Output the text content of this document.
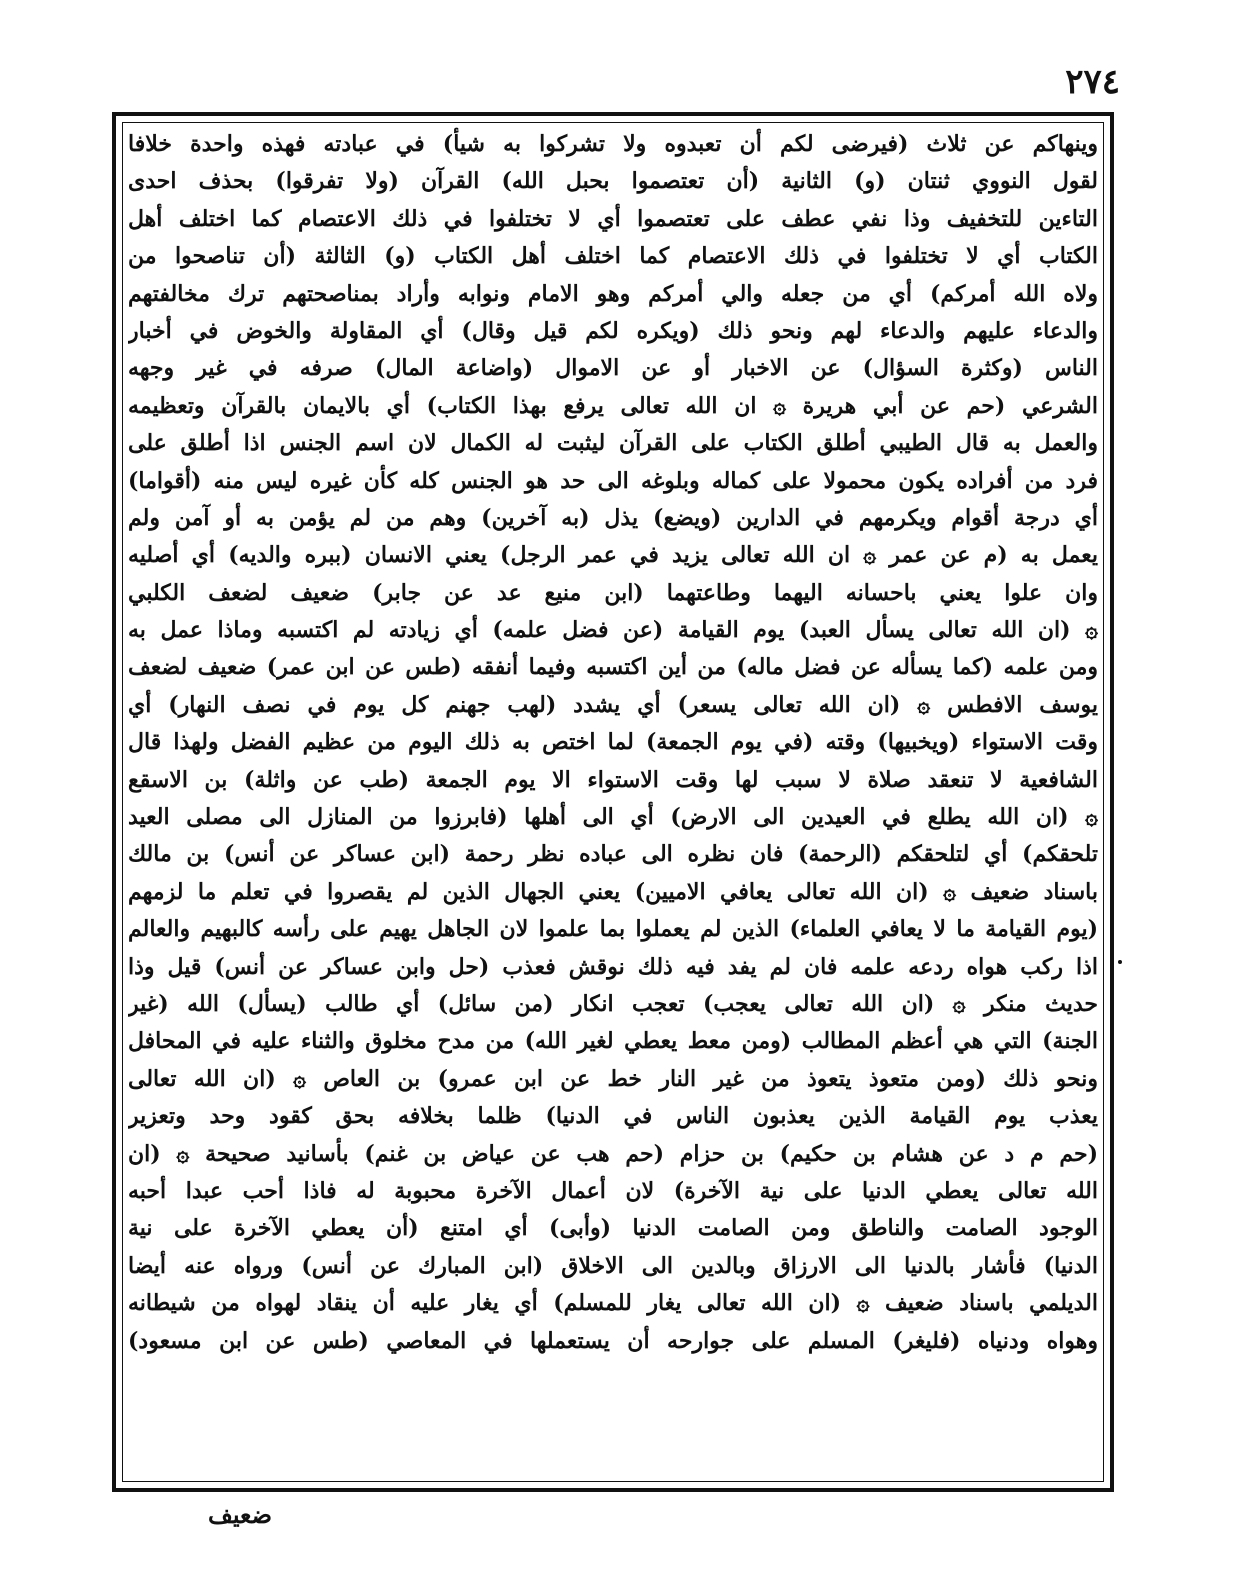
٢٧٤
وينهاكم عن ثلاث (فيرضى لكم أن تعبدوه ولا تشركوا به شيأ) في عبادته فهذه واحدة خلافا
لقول النووي ثنتان (و) الثانية (أن تعتصموا بحبل الله) القرآن (ولا تفرقوا) بحذف احدى
التاءين للتخفيف وذا نفي عطف على تعتصموا أي لا تختلفوا في ذلك الاعتصام كما اختلف أهل
الكتاب أي لا تختلفوا في ذلك الاعتصام كما اختلف أهل الكتاب (و) الثالثة (أن تناصحوا من
ولاه الله أمركم) أي من جعله والي أمركم وهو الامام ونوابه وأراد بمناصحتهم ترك مخالفتهم
والدعاء عليهم والدعاء لهم ونحو ذلك (ويكره لكم قيل وقال) أي المقاولة والخوض في أخبار
الناس (وكثرة السؤال) عن الاخبار أو عن الاموال (واضاعة المال) صرفه في غير وجهه
الشرعي (حم عن أبي هريرة ۞ ان الله تعالى يرفع بهذا الكتاب) أي بالايمان بالقرآن وتعظيمه
والعمل به قال الطيبي أطلق الكتاب على القرآن ليثبت له الكمال لان اسم الجنس اذا أطلق على
فرد من أفراده يكون محمولا على كماله وبلوغه الى حد هو الجنس كله كأن غيره ليس منه (أقواما)
أي درجة أقوام ويكرمهم في الدارين (ويضع) يذل (به آخرين) وهم من لم يؤمن به أو آمن ولم
يعمل به (م عن عمر ۞ ان الله تعالى يزيد في عمر الرجل) يعني الانسان (ببره والديه) أي أصليه
وان علوا يعني باحسانه اليهما وطاعتهما (ابن منيع عد عن جابر) ضعيف لضعف الكلبي
۞ (ان الله تعالى يسأل العبد) يوم القيامة (عن فضل علمه) أي زيادته لم اكتسبه وماذا عمل به
ومن علمه (كما يسأله عن فضل ماله) من أين اكتسبه وفيما أنفقه (طس عن ابن عمر) ضعيف لضعف
يوسف الافطس ۞ (ان الله تعالى يسعر) أي يشدد (لهب جهنم كل يوم في نصف النهار) أي
وقت الاستواء (ويخبيها) وقته (في يوم الجمعة) لما اختص به ذلك اليوم من عظيم الفضل ولهذا قال
الشافعية لا تنعقد صلاة لا سبب لها وقت الاستواء الا يوم الجمعة (طب عن واثلة) بن الاسقع
۞ (ان الله يطلع في العيدين الى الارض) أي الى أهلها (فابرزوا من المنازل الى مصلى العيد
تلحقكم) أي لتلحقكم (الرحمة) فان نظره الى عباده نظر رحمة (ابن عساكر عن أنس) بن مالك
باسناد ضعيف ۞ (ان الله تعالى يعافي الاميين) يعني الجهال الذين لم يقصروا في تعلم ما لزمهم
(يوم القيامة ما لا يعافي العلماء) الذين لم يعملوا بما علموا لان الجاهل يهيم على رأسه كالبهيم والعالم
اذا ركب هواه ردعه علمه فان لم يفد فيه ذلك نوقش فعذب (حل وابن عساكر عن أنس) قيل وذا
حديث منكر ۞ (ان الله تعالى يعجب) تعجب انكار (من سائل) أي طالب (يسأل) الله (غير
الجنة) التي هي أعظم المطالب (ومن معط يعطي لغير الله) من مدح مخلوق والثناء عليه في المحافل
ونحو ذلك (ومن متعوذ يتعوذ من غير النار خط عن ابن عمرو) بن العاص ۞ (ان الله تعالى
يعذب يوم القيامة الذين يعذبون الناس في الدنيا) ظلما بخلافه بحق كقود وحد وتعزير
(حم م د عن هشام بن حكيم) بن حزام (حم هب عن عياض بن غنم) بأسانيد صحيحة ۞ (ان
الله تعالى يعطي الدنيا على نية الآخرة) لان أعمال الآخرة محبوبة له فاذا أحب عبدا أحبه
الوجود الصامت والناطق ومن الصامت الدنيا (وأبى) أي امتنع (أن يعطي الآخرة على نية
الدنيا) فأشار بالدنيا الى الارزاق وبالدين الى الاخلاق (ابن المبارك عن أنس) ورواه عنه أيضا
الديلمي باسناد ضعيف ۞ (ان الله تعالى يغار للمسلم) أي يغار عليه أن ينقاد لهواه من شيطانه
وهواه ودنياه (فليغر) المسلم على جوارحه أن يستعملها في المعاصي (طس عن ابن مسعود)
ضعيف
